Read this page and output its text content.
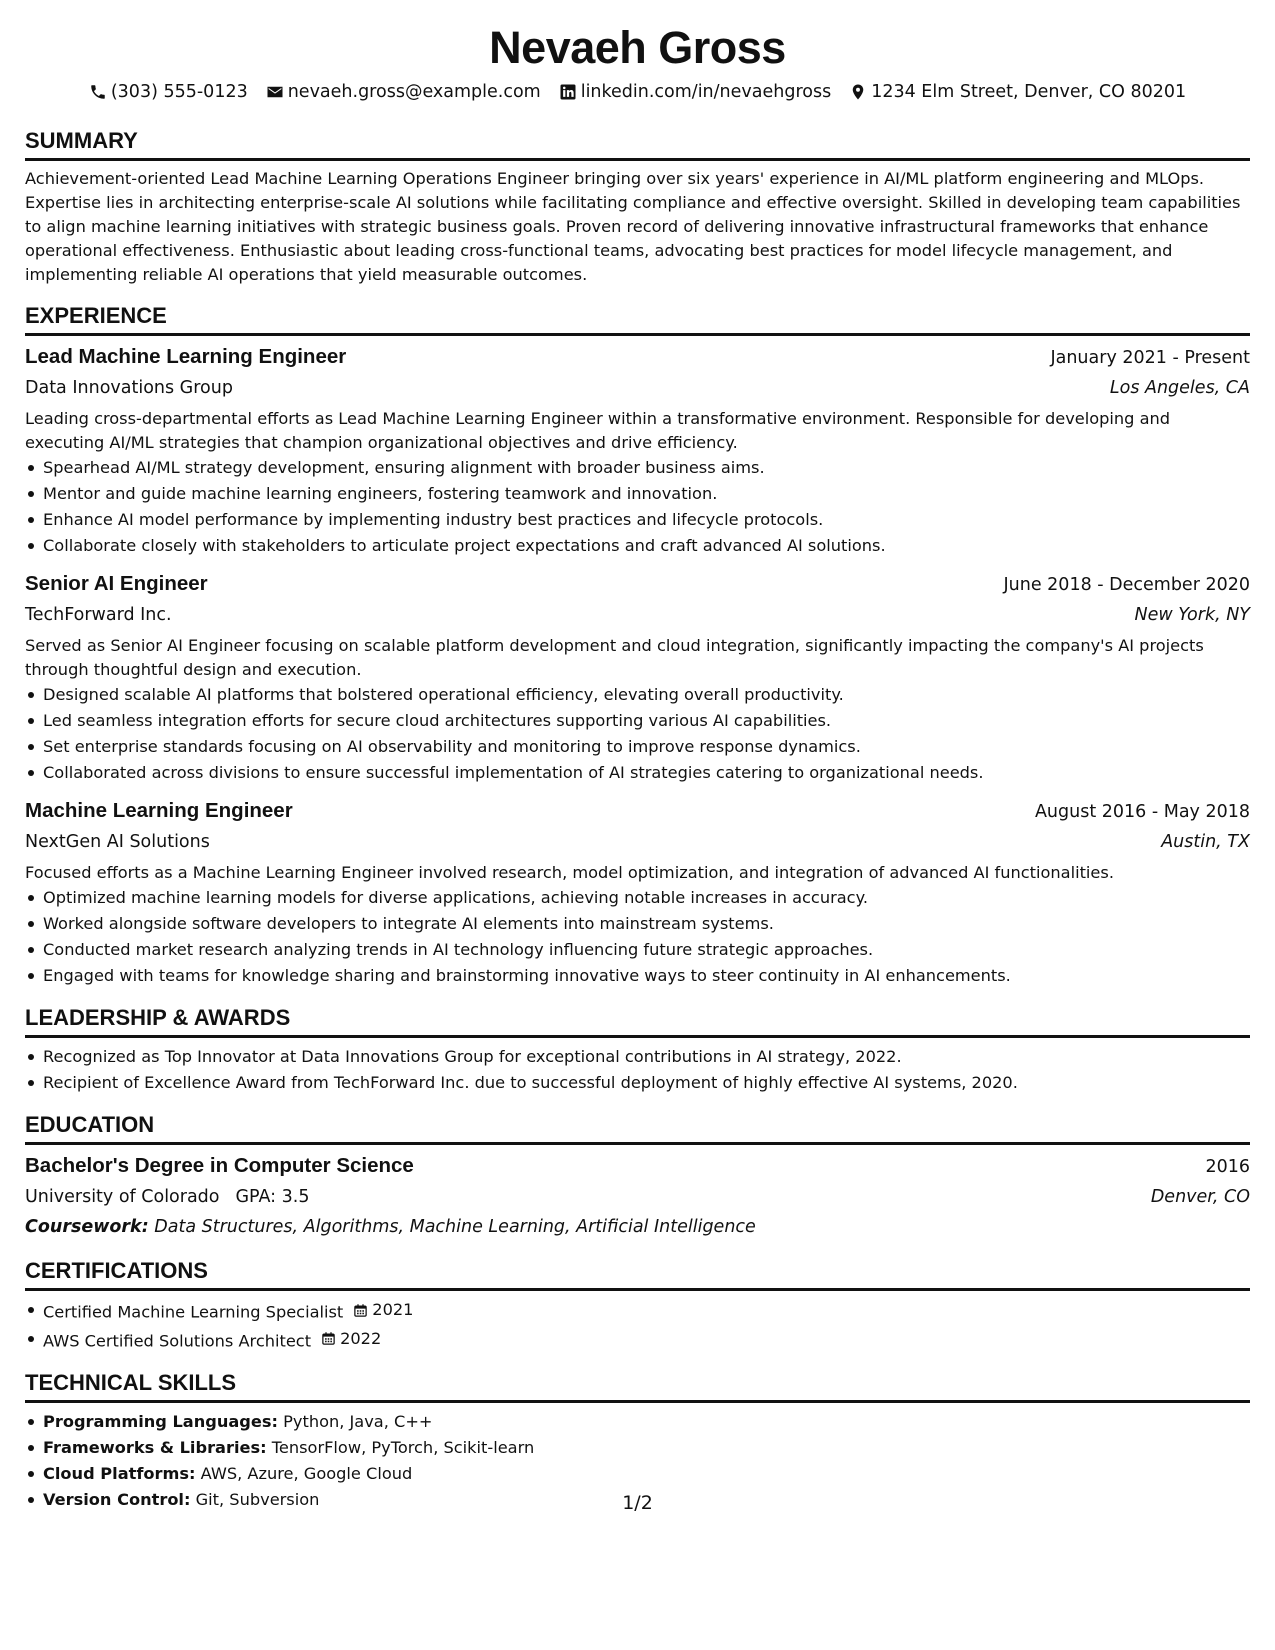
Nevaeh Gross
(303) 555-0123 nevaeh.gross@example.com linkedin.com/in/nevaehgross 1234 Elm Street, Denver, CO 80201
SUMMARY

Achievement-oriented Lead Machine Learning Operations Engineer bringing over six years' experience in AI/ML platform engineering and MLOps. Expertise lies in architecting enterprise-scale AI solutions while facilitating compliance and effective oversight. Skilled in developing team capabilities to align machine learning initiatives with strategic business goals. Proven record of delivering innovative infrastructural frameworks that enhance operational effectiveness. Enthusiastic about leading cross-functional teams, advocating best practices for model lifecycle management, and implementing reliable AI operations that yield measurable outcomes.

EXPERIENCE
Lead Machine Learning Engineer	January 2021 - Present
Data Innovations Group	Los Angeles, CA

Leading cross-departmental efforts as Lead Machine Learning Engineer within a transformative environment. Responsible for developing and executing AI/ML strategies that champion organizational objectives and drive efficiency.

Spearhead AI/ML strategy development, ensuring alignment with broader business aims.
Mentor and guide machine learning engineers, fostering teamwork and innovation.
Enhance AI model performance by implementing industry best practices and lifecycle protocols.
Collaborate closely with stakeholders to articulate project expectations and craft advanced AI solutions.
Senior AI Engineer	June 2018 - December 2020
TechForward Inc.	New York, NY

Served as Senior AI Engineer focusing on scalable platform development and cloud integration, significantly impacting the company's AI projects through thoughtful design and execution.

Designed scalable AI platforms that bolstered operational efficiency, elevating overall productivity.
Led seamless integration efforts for secure cloud architectures supporting various AI capabilities.
Set enterprise standards focusing on AI observability and monitoring to improve response dynamics.
Collaborated across divisions to ensure successful implementation of AI strategies catering to organizational needs.
Machine Learning Engineer	August 2016 - May 2018
NextGen AI Solutions	Austin, TX

Focused efforts as a Machine Learning Engineer involved research, model optimization, and integration of advanced AI functionalities.

Optimized machine learning models for diverse applications, achieving notable increases in accuracy.
Worked alongside software developers to integrate AI elements into mainstream systems.
Conducted market research analyzing trends in AI technology influencing future strategic approaches.
Engaged with teams for knowledge sharing and brainstorming innovative ways to steer continuity in AI enhancements.
LEADERSHIP & AWARDS
Recognized as Top Innovator at Data Innovations Group for exceptional contributions in AI strategy, 2022.
Recipient of Excellence Award from TechForward Inc. due to successful deployment of highly effective AI systems, 2020.
EDUCATION
Bachelor's Degree in Computer Science	2016
University of Colorado GPA: 3.5	Denver, CO
Coursework: Data Structures, Algorithms, Machine Learning, Artificial Intelligence
CERTIFICATIONS
Certified Machine Learning Specialist 2021
AWS Certified Solutions Architect 2022
TECHNICAL SKILLS
Programming Languages: Python, Java, C++
Frameworks & Libraries: TensorFlow, PyTorch, Scikit-learn
Cloud Platforms: AWS, Azure, Google Cloud
Version Control: Git, Subversion	1/2
